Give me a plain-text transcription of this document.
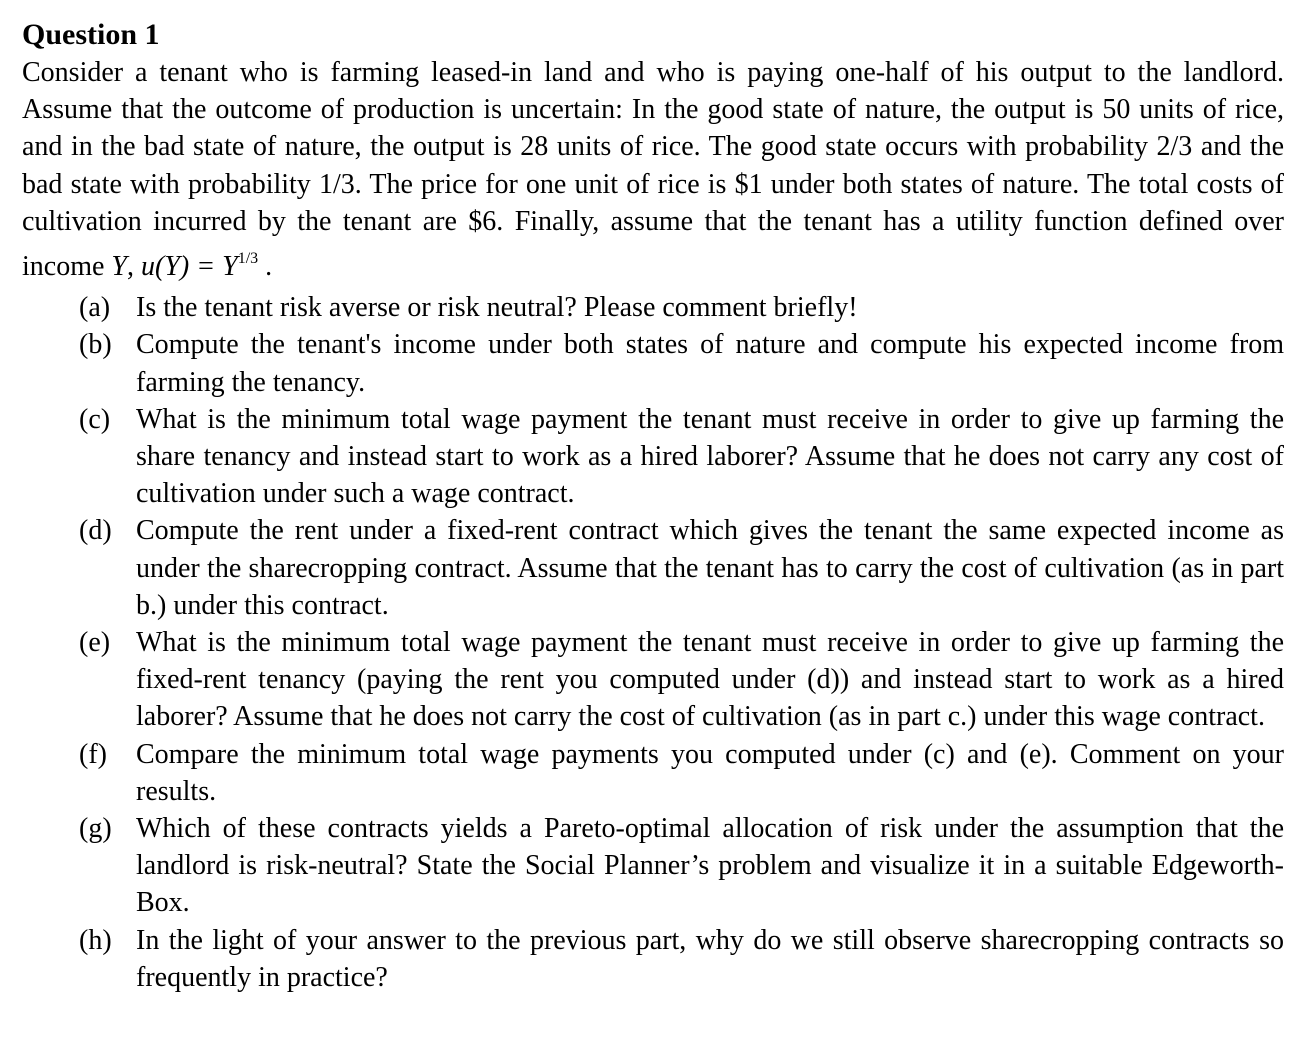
Question 1

Consider a tenant who is farming leased-in land and who is paying one-half of his output to the landlord. Assume that the outcome of production is uncertain: In the good state of nature, the output is 50 units of rice, and in the bad state of nature, the output is 28 units of rice. The good state occurs with probability 2/3 and the bad state with probability 1/3. The price for one unit of rice is $1 under both states of nature. The total costs of cultivation incurred by the tenant are $6. Finally, assume that the tenant has a utility function defined over income Y, $u(Y) = Y^{1/3}$ .

(a) Is the tenant risk averse or risk neutral? Please comment briefly!
(b) Compute the tenant's income under both states of nature and compute his expected income from farming the tenancy.
(c) What is the minimum total wage payment the tenant must receive in order to give up farming the share tenancy and instead start to work as a hired laborer? Assume that he does not carry any cost of cultivation under such a wage contract.
(d) Compute the rent under a fixed-rent contract which gives the tenant the same expected income as under the sharecropping contract. Assume that the tenant has to carry the cost of cultivation (as in part b.) under this contract.
(e) What is the minimum total wage payment the tenant must receive in order to give up farming the fixed-rent tenancy (paying the rent you computed under (d)) and instead start to work as a hired laborer? Assume that he does not carry the cost of cultivation (as in part c.) under this wage contract.
(f)	Compare the minimum total wage payments you computed under (c) and (e). Comment on your results.
(g) Which of these contracts yields a Pareto-optimal allocation of risk under the assumption that the landlord is risk-neutral? State the Social Planner’s problem and visualize it in a suitable Edgeworth-Box.
(h) In the light of your answer to the previous part, why do we still observe sharecropping contracts so frequently in practice?
